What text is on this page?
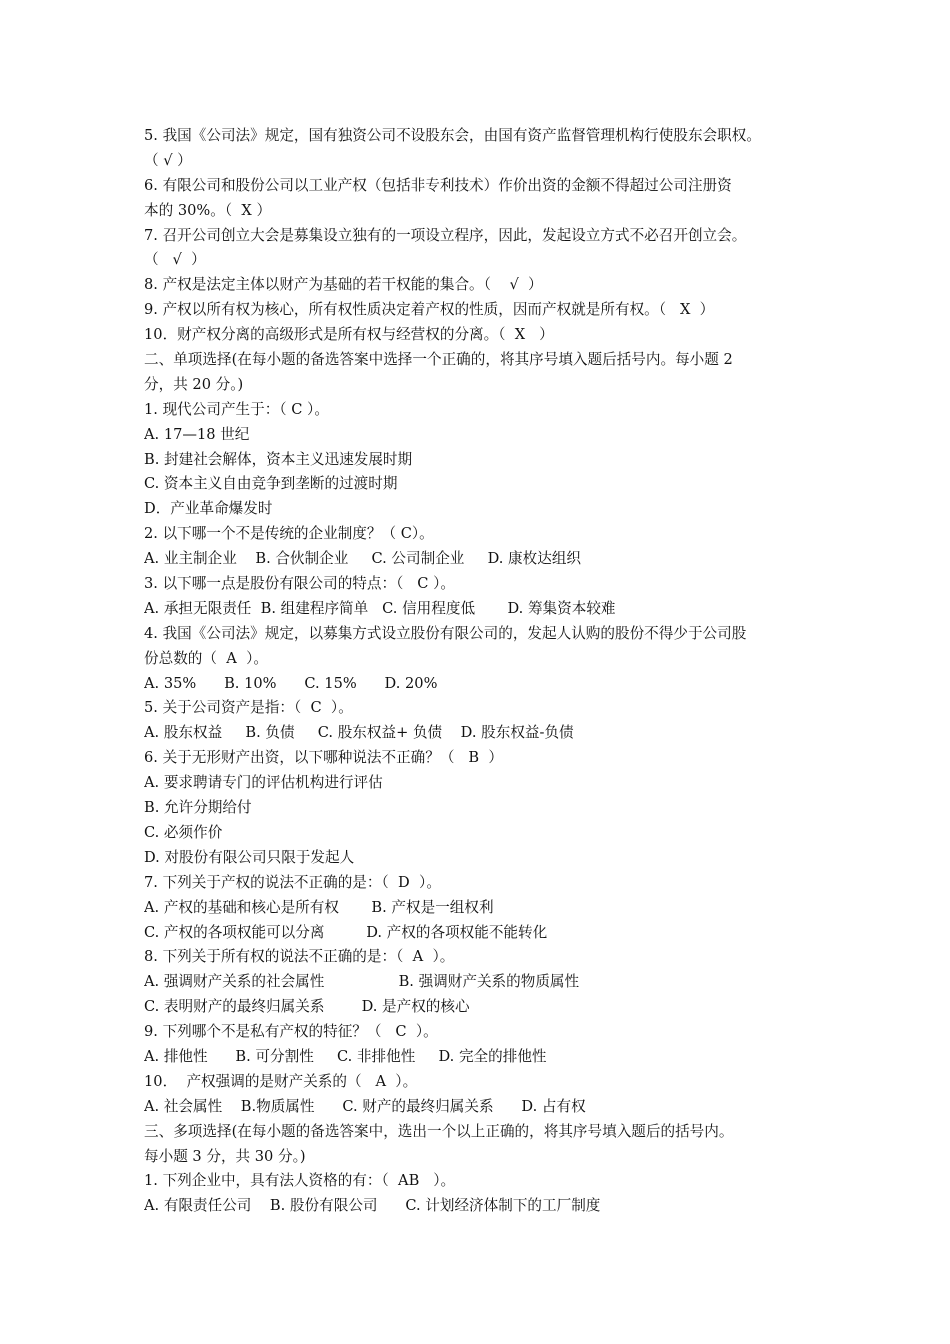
5. 我国《公司法》规定，国有独资公司不设股东会，由国有资产监督管理机构行使股东会职权。
（ √ ）
6. 有限公司和股份公司以工业产权（包括非专利技术）作价出资的金额不得超过公司注册资
本的 30%。（  X ）
7. 召开公司创立大会是募集设立独有的一项设立程序，因此，发起设立方式不必召开创立会。
（   √  ）
8. 产权是法定主体以财产为基础的若干权能的集合。（    √  ）
9. 产权以所有权为核心，所有权性质决定着产权的性质，因而产权就是所有权。（   X  ）
10．财产权分离的高级形式是所有权与经营权的分离。（  X   ）
二、单项选择(在每小题的备选答案中选择一个正确的，将其序号填入题后括号内。每小题 2
分，共 20 分。)
1. 现代公司产生于：（ C ）。
A. 17—18 世纪
B. 封建社会解体，资本主义迅速发展时期
C. 资本主义自由竞争到垄断的过渡时期
D．产业革命爆发时
2. 以下哪一个不是传统的企业制度？（ C）。
A. 业主制企业    B. 合伙制企业     C. 公司制企业     D. 康枚达组织
3. 以下哪一点是股份有限公司的特点：（   C ）。
A. 承担无限责任  B. 组建程序简单   C. 信用程度低       D. 筹集资本较难
4. 我国《公司法》规定，以募集方式设立股份有限公司的，发起人认购的股份不得少于公司股
份总数的（  A  ）。
A. 35%      B. 10%      C. 15%      D. 20%
5. 关于公司资产是指：（  C  ）。
A. 股东权益     B. 负债     C. 股东权益+ 负债    D. 股东权益-负债
6. 关于无形财产出资，以下哪种说法不正确？（   B  ）
A. 要求聘请专门的评估机构进行评估
B. 允许分期给付
C. 必须作价
D. 对股份有限公司只限于发起人
7. 下列关于产权的说法不正确的是：（  D  ）。
A. 产权的基础和核心是所有权       B. 产权是一组权利
C. 产权的各项权能可以分离         D. 产权的各项权能不能转化
8. 下列关于所有权的说法不正确的是：（  A  ）。
A. 强调财产关系的社会属性                B. 强调财产关系的物质属性
C. 表明财产的最终归属关系        D. 是产权的核心
9. 下列哪个不是私有产权的特征？（   C  ）。
A. 排他性      B. 可分割性     C. 非排他性     D. 完全的排他性
10．  产权强调的是财产关系的（   A  ）。
A. 社会属性    B.物质属性      C. 财产的最终归属关系      D. 占有权
三、多项选择(在每小题的备选答案中，选出一个以上正确的，将其序号填入题后的括号内。
每小题 3 分，共 30 分。)
1. 下列企业中，具有法人资格的有：（  AB   ）。
A. 有限责任公司    B. 股份有限公司      C. 计划经济体制下的工厂制度
